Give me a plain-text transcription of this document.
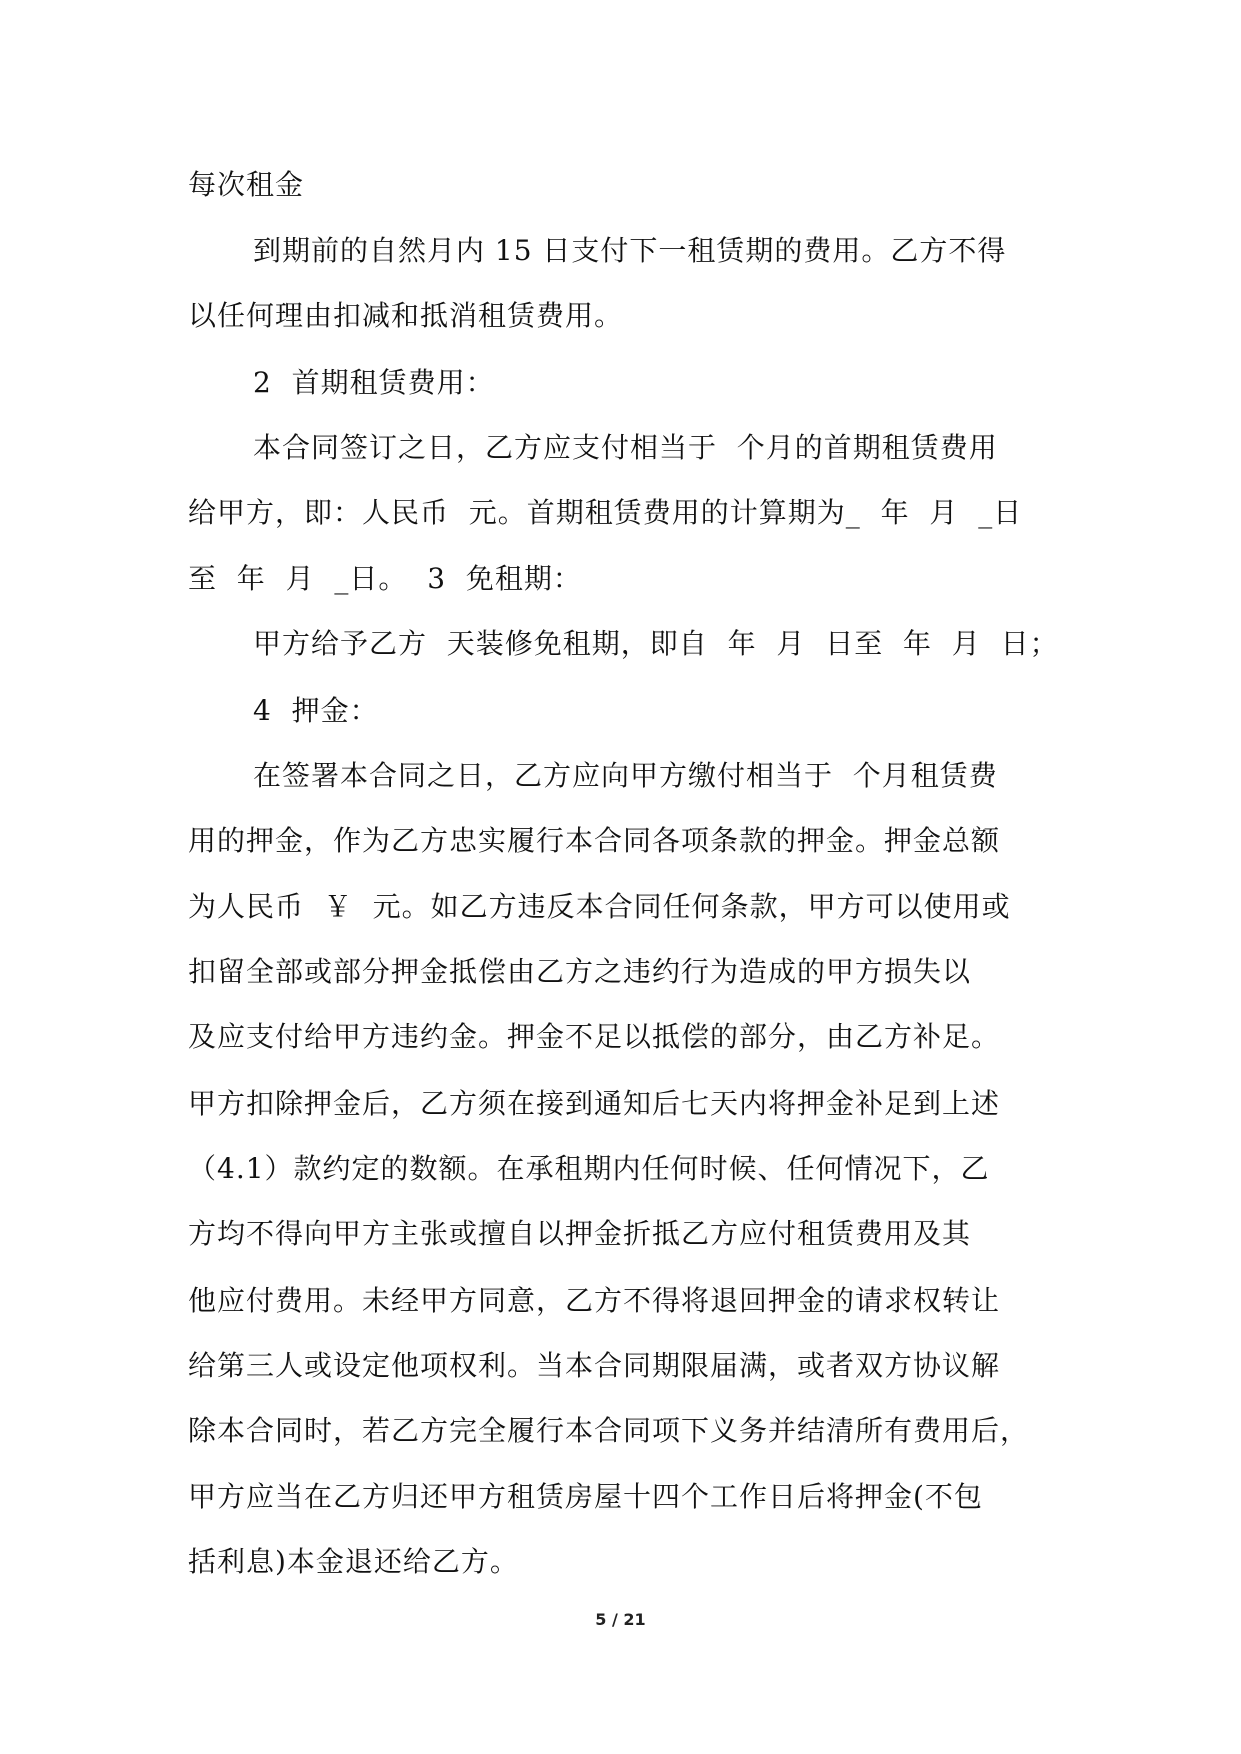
每次租金

到期前的自然月内 15 日支付下一租赁期的费用。乙方不得

以任何理由扣减和抵消租赁费用。

2  首期租赁费用：

本合同签订之日，乙方应支付相当于  个月的首期租赁费用

给甲方，即：人民币  元。首期租赁费用的计算期为_  年  月  _日

至  年  月  _日。  3  免租期：

甲方给予乙方  天装修免租期，即自  年  月  日至  年  月  日；

4  押金：

在签署本合同之日，乙方应向甲方缴付相当于  个月租赁费

用的押金，作为乙方忠实履行本合同各项条款的押金。押金总额

为人民币  ￥  元。如乙方违反本合同任何条款，甲方可以使用或

扣留全部或部分押金抵偿由乙方之违约行为造成的甲方损失以

及应支付给甲方违约金。押金不足以抵偿的部分，由乙方补足。

甲方扣除押金后，乙方须在接到通知后七天内将押金补足到上述

（4.1）款约定的数额。在承租期内任何时候、任何情况下，乙

方均不得向甲方主张或擅自以押金折抵乙方应付租赁费用及其

他应付费用。未经甲方同意，乙方不得将退回押金的请求权转让

给第三人或设定他项权利。当本合同期限届满，或者双方协议解

除本合同时，若乙方完全履行本合同项下义务并结清所有费用后，

甲方应当在乙方归还甲方租赁房屋十四个工作日后将押金(不包

括利息)本金退还给乙方。

5 / 21
